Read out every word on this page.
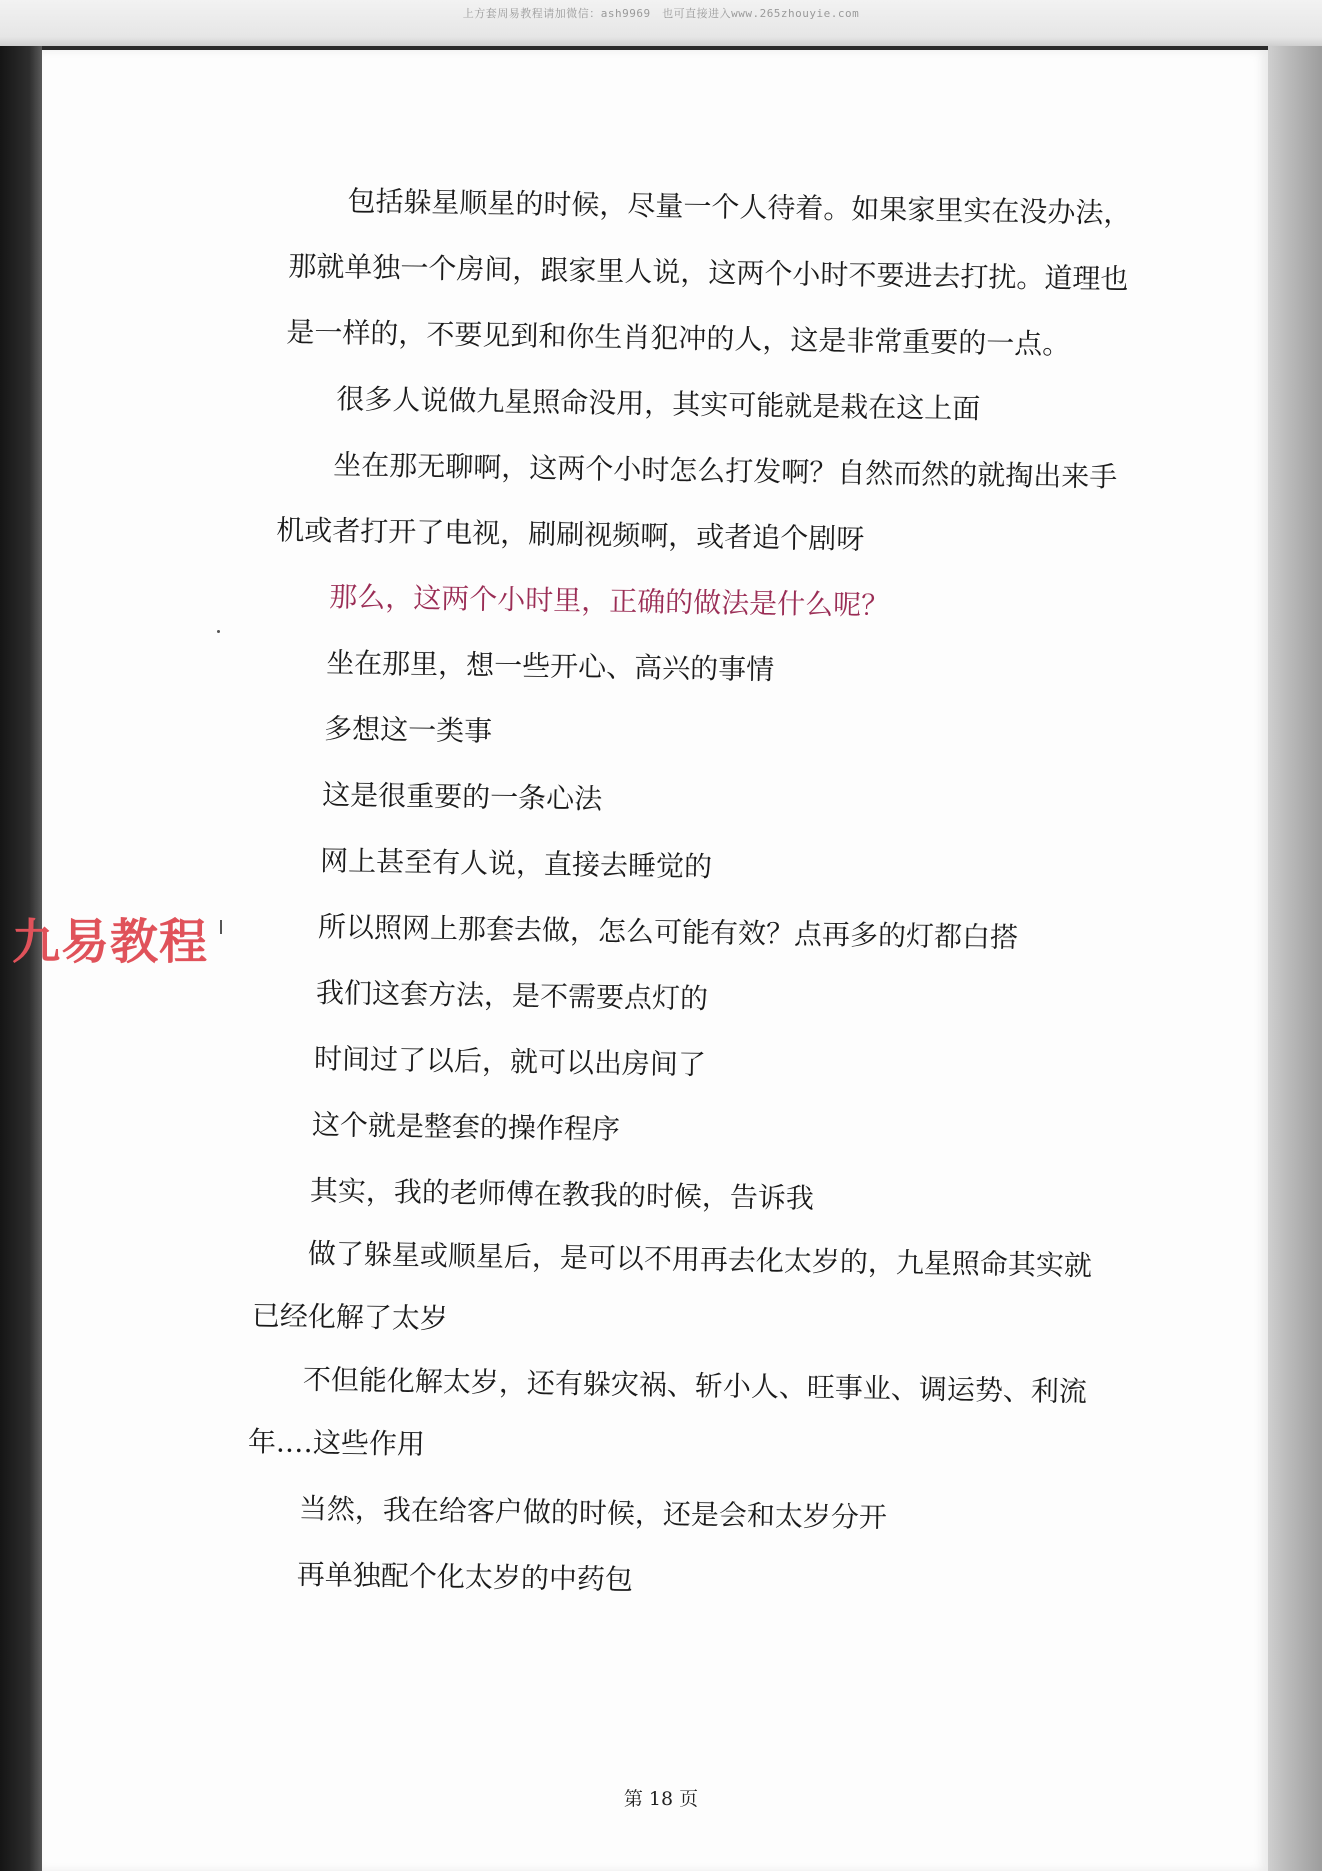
上方套周易教程请加微信：ash9969　也可直接进入www.265zhouyie.com
包括躲星顺星的时候，尽量一个人待着。如果家里实在没办法，
那就单独一个房间，跟家里人说，这两个小时不要进去打扰。道理也
是一样的，不要见到和你生肖犯冲的人，这是非常重要的一点。
很多人说做九星照命没用，其实可能就是栽在这上面
坐在那无聊啊，这两个小时怎么打发啊？自然而然的就掏出来手
机或者打开了电视，刷刷视频啊，或者追个剧呀
那么，这两个小时里，正确的做法是什么呢？
坐在那里，想一些开心、高兴的事情
多想这一类事
这是很重要的一条心法
网上甚至有人说，直接去睡觉的
所以照网上那套去做，怎么可能有效？点再多的灯都白搭
我们这套方法，是不需要点灯的
时间过了以后，就可以出房间了
这个就是整套的操作程序
其实，我的老师傅在教我的时候，告诉我
做了躲星或顺星后，是可以不用再去化太岁的，九星照命其实就
已经化解了太岁
不但能化解太岁，还有躲灾祸、斩小人、旺事业、调运势、利流
年.…这些作用
当然，我在给客户做的时候，还是会和太岁分开
再单独配个化太岁的中药包
九易教程
第 18 页
